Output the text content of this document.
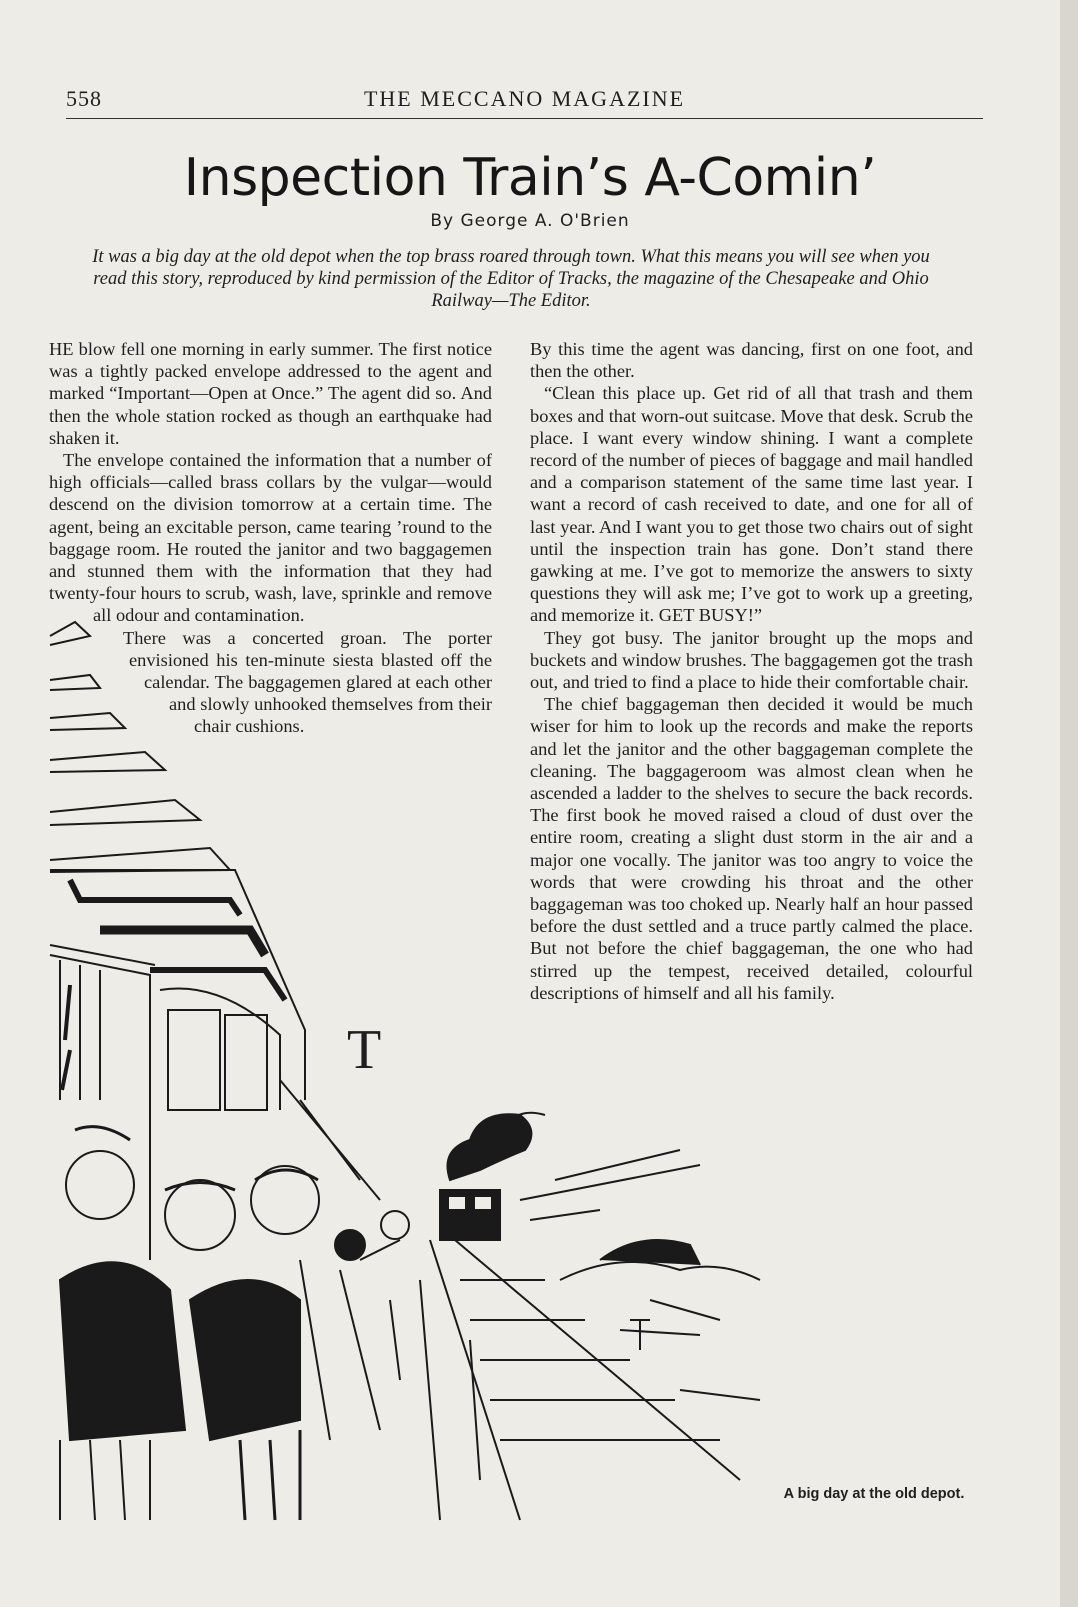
558	THE MECCANO MAGAZINE
Inspection Train’s A-Comin’
By George A. O'Brien
It was a big day at the old depot when the top brass roared through town. What this means you will see when you read this story, reproduced by kind permission of the Editor of Tracks, the magazine of the Chesapeake and Ohio Railway—The Editor.
T

HE blow fell one morning in early summer. The first notice was a tightly packed envelope addressed to the agent and marked “Important—Open at Once.” The agent did so. And then the whole station rocked as though an earthquake had shaken it.

The envelope contained the information that a number of high officials—called brass collars by the vulgar—would descend on the division tomorrow at a certain time. The agent, being an excitable person, came tearing ’round to the baggage room. He routed the janitor and two baggagemen and stunned them with the information that they had twenty-four hours to scrub, wash, lave, sprinkle and remove all odour and contamination.

There was a concerted groan. The porter envisioned his ten-minute siesta blasted off the calendar. The baggagemen glared at each other and slowly unhooked themselves from their chair cushions.

By this time the agent was dancing, first on one foot, and then the other.

“Clean this place up. Get rid of all that trash and them boxes and that worn-out suitcase. Move that desk. Scrub the place. I want every window shining. I want a complete record of the number of pieces of baggage and mail handled and a comparison statement of the same time last year. I want a record of cash received to date, and one for all of last year. And I want you to get those two chairs out of sight until the inspection train has gone. Don’t stand there gawking at me. I’ve got to memorize the answers to sixty questions they will ask me; I’ve got to work up a greeting, and memorize it. GET BUSY!”

They got busy. The janitor brought up the mops and buckets and window brushes. The baggagemen got the trash out, and tried to find a place to hide their comfortable chair.

The chief baggageman then decided it would be much wiser for him to look up the records and make the reports and let the janitor and the other baggageman complete the cleaning. The baggageroom was almost clean when he ascended a ladder to the shelves to secure the back records. The first book he moved raised a cloud of dust over the entire room, creating a slight dust storm in the air and a major one vocally. The janitor was too angry to voice the words that were crowding his throat and the other baggageman was too choked up. Nearly half an hour passed before the dust settled and a truce partly calmed the place. But not before the chief baggageman, the one who had stirred up the tempest, received detailed, colourful descriptions of himself and all his family.

A big day at the old depot.
